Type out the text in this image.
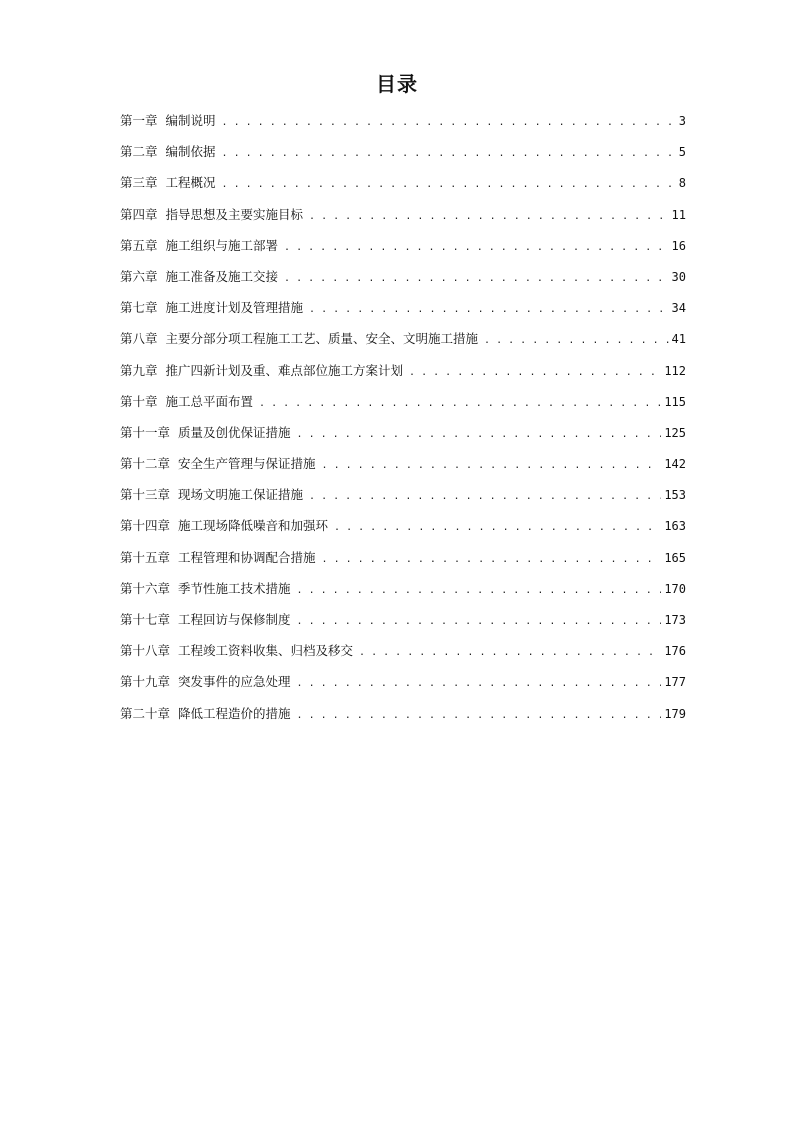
目录
第一章 编制说明 . . .	3
第二章 编制依据 . . .	5
第三章 工程概况 . . .	8
第四章 指导思想及主要实施目标 . . .	11
第五章 施工组织与施工部署 . . .	16
第六章 施工准备及施工交接 . . .	30
第七章 施工进度计划及管理措施 . . .	34
第八章 主要分部分项工程施工工艺、质量、安全、文明施工措施 . . .	41
第九章 推广四新计划及重、难点部位施工方案计划 . . .	112
第十章 施工总平面布置 . . .	115
第十一章 质量及创优保证措施 . . .	125
第十二章 安全生产管理与保证措施 . . .	142
第十三章 现场文明施工保证措施 . . .	153
第十四章 施工现场降低噪音和加强环 . . .	163
第十五章 工程管理和协调配合措施 . . .	165
第十六章 季节性施工技术措施 . . .	170
第十七章 工程回访与保修制度 . . .	173
第十八章 工程竣工资料收集、归档及移交 . . .	176
第十九章 突发事件的应急处理 . . .	177
第二十章 降低工程造价的措施 . . .	179
